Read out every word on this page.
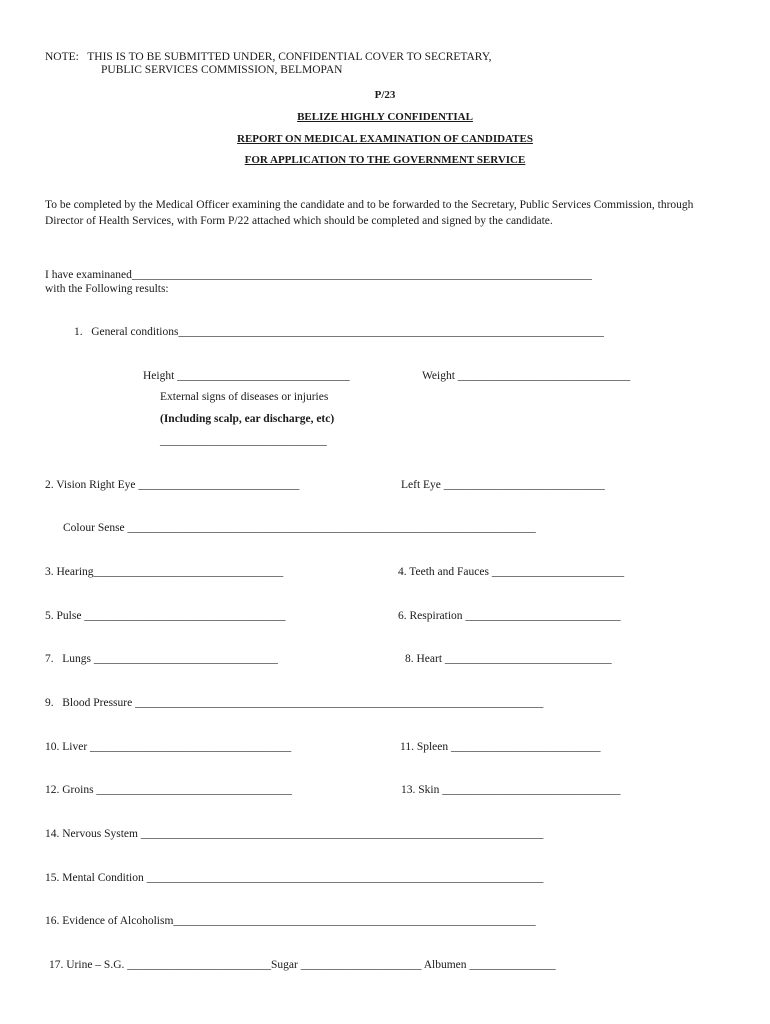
NOTE:   THIS IS TO BE SUBMITTED UNDER, CONFIDENTIAL COVER TO SECRETARY,
PUBLIC SERVICES COMMISSION, BELMOPAN
P/23
BELIZE HIGHLY CONFIDENTIAL
REPORT ON MEDICAL EXAMINATION OF CANDIDATES
FOR APPLICATION TO THE GOVERNMENT SERVICE
To be completed by the Medical Officer examining the candidate and to be forwarded to the Secretary, Public Services Commission, through Director of Health Services, with Form P/22 attached which should be completed and signed by the candidate.
I have examinaned________________________________________________________________________________
with the Following results:
1.   General conditions__________________________________________________________________________
Height ______________________________	Weight ______________________________
External signs of diseases or injuries
(Including scalp, ear discharge, etc)
_____________________________
2. Vision Right Eye ____________________________	Left Eye ____________________________
Colour Sense _______________________________________________________________________
3. Hearing_________________________________	4. Teeth and Fauces _______________________
5. Pulse ___________________________________	6. Respiration ___________________________
7.   Lungs ________________________________	8. Heart _____________________________
9.   Blood Pressure _______________________________________________________________________
10. Liver ___________________________________	11. Spleen __________________________
12. Groins __________________________________	13. Skin _______________________________
14. Nervous System ______________________________________________________________________
15. Mental Condition _____________________________________________________________________
16. Evidence of Alcoholism_______________________________________________________________
17. Urine – S.G. _________________________Sugar _____________________ Albumen _______________
